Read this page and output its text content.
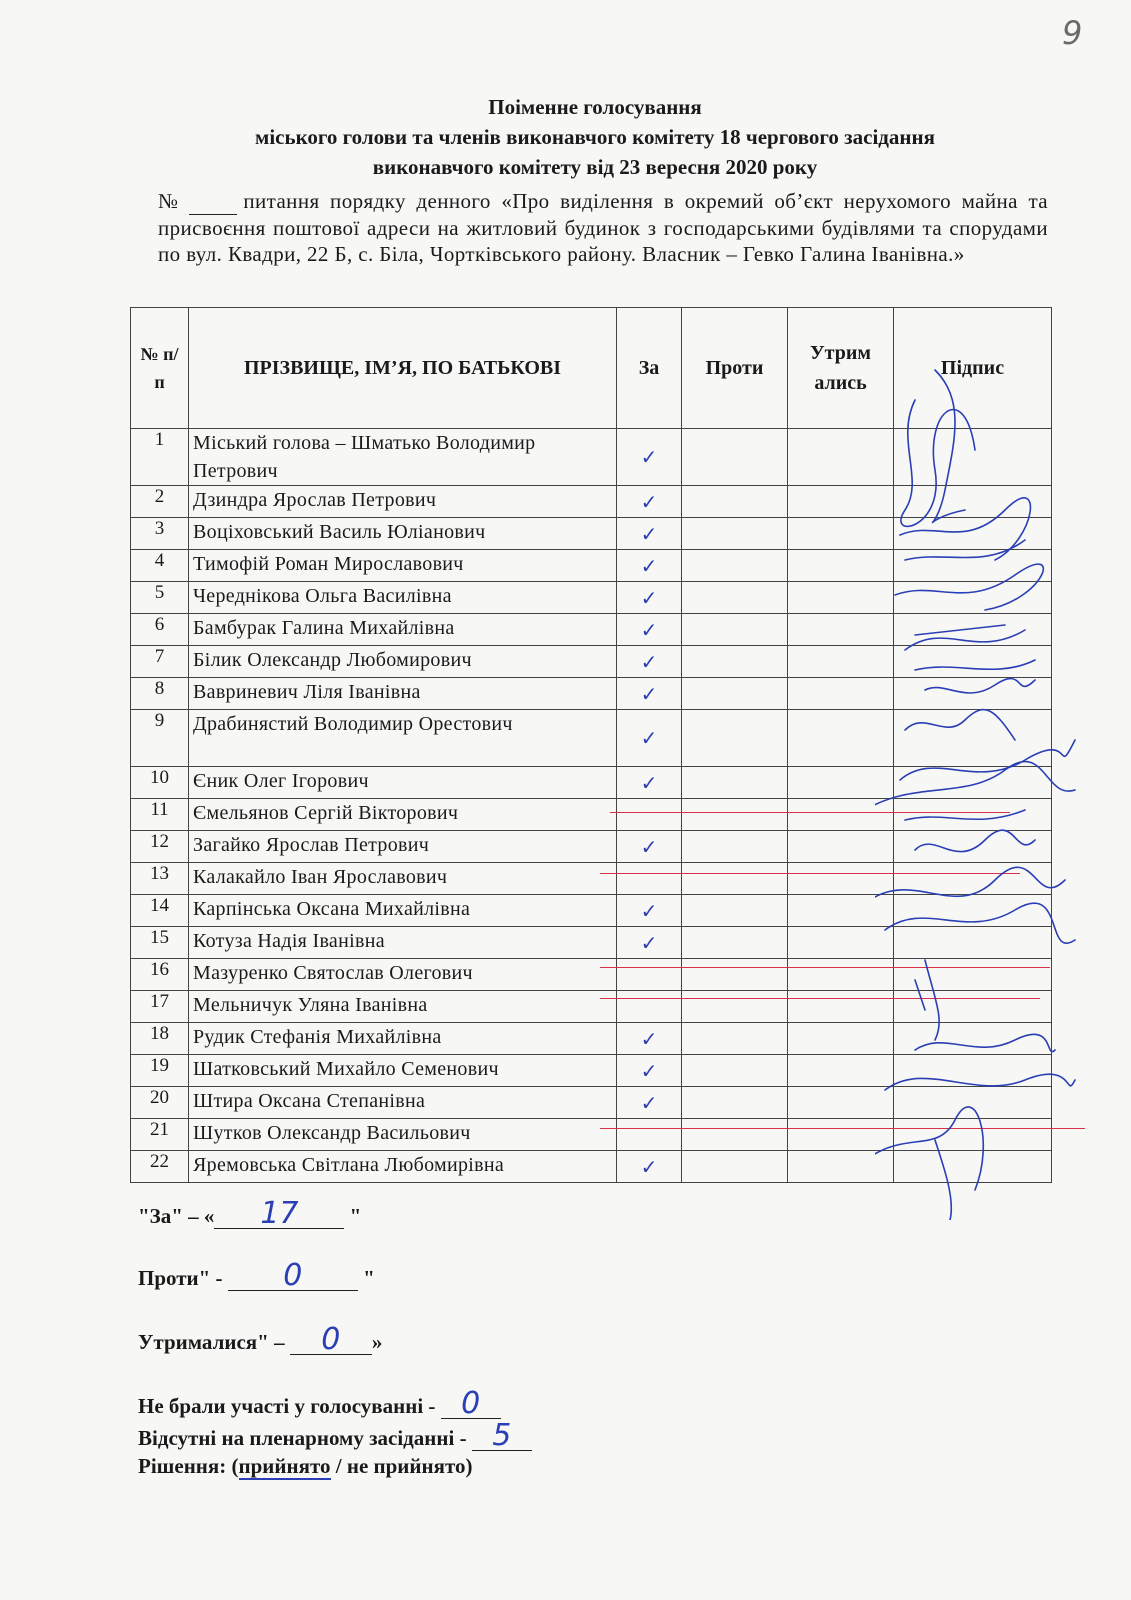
9
Поіменне голосування
міського голови та членів виконавчого комітету 18 чергового засідання
виконавчого комітету від 23 вересня 2020 року
№	питання порядку денного «Про виділення в окремий об’єкт нерухомого майна та присвоєння поштової адреси на житловий будинок з господарськими будівлями та спорудами по вул. Квадри, 22 Б, с. Біла, Чортківського району. Власник – Гевко Галина Іванівна.»
№ п/ п	ПРІЗВИЩЕ, ІМ’Я, ПО БАТЬКОВІ	За	Проти	Утрим ались	Підпис
1	Міський голова – Шматько Володимир Петрович	✓			
2	Дзиндра Ярослав Петрович	✓			
3	Воціховський Василь Юліанович	✓			
4	Тимофій Роман Мирославович	✓			
5	Череднікова Ольга Василівна	✓			
6	Бамбурак Галина Михайлівна	✓			
7	Білик Олександр Любомирович	✓			
8	Вавриневич Ліля Іванівна	✓			
9	Драбинястий Володимир Орестович	✓			
10	Єник Олег Ігорович	✓			
11	Ємельянов Сергій Вікторович				
12	Загайко Ярослав Петрович	✓			
13	Калакайло Іван Ярославович				
14	Карпінська Оксана Михайлівна	✓			
15	Котуза Надія Іванівна	✓			
16	Мазуренко Святослав Олегович				
17	Мельничук Уляна Іванівна				
18	Рудик Стефанія Михайлівна	✓			
19	Шатковський Михайло Семенович	✓			
20	Штира Оксана Степанівна	✓			
21	Шутков Олександр Васильович				
22	Яремовська Світлана Любомирівна	✓			
"За" – « 17 "
Проти" - 0	"
Утрималися" – 0 »
Не брали участі у голосуванні - 0
Відсутні на пленарному засіданні - 5
Рішення: (прийнято / не прийнято)
